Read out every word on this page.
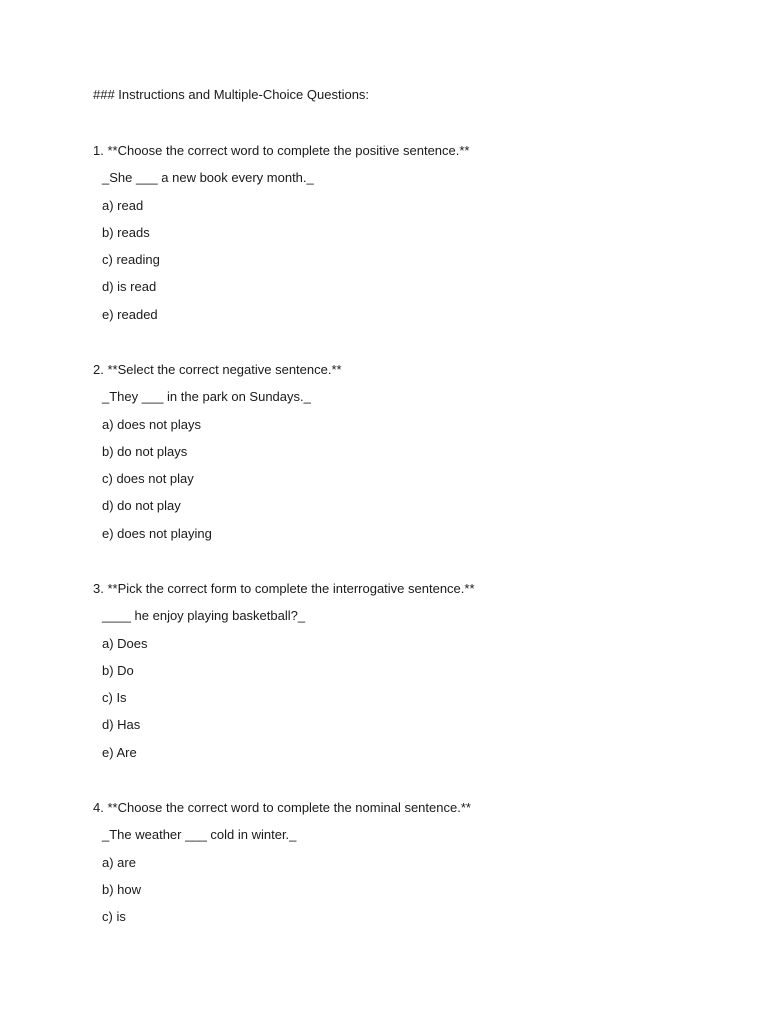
### Instructions and Multiple-Choice Questions:
1. **Choose the correct word to complete the positive sentence.**
_She ___ a new book every month._
a) read
b) reads
c) reading
d) is read
e) readed
2. **Select the correct negative sentence.**
_They ___ in the park on Sundays._
a) does not plays
b) do not plays
c) does not play
d) do not play
e) does not playing
3. **Pick the correct form to complete the interrogative sentence.**
____ he enjoy playing basketball?_
a) Does
b) Do
c) Is
d) Has
e) Are
4. **Choose the correct word to complete the nominal sentence.**
_The weather ___ cold in winter._
a) are
b) how
c) is
